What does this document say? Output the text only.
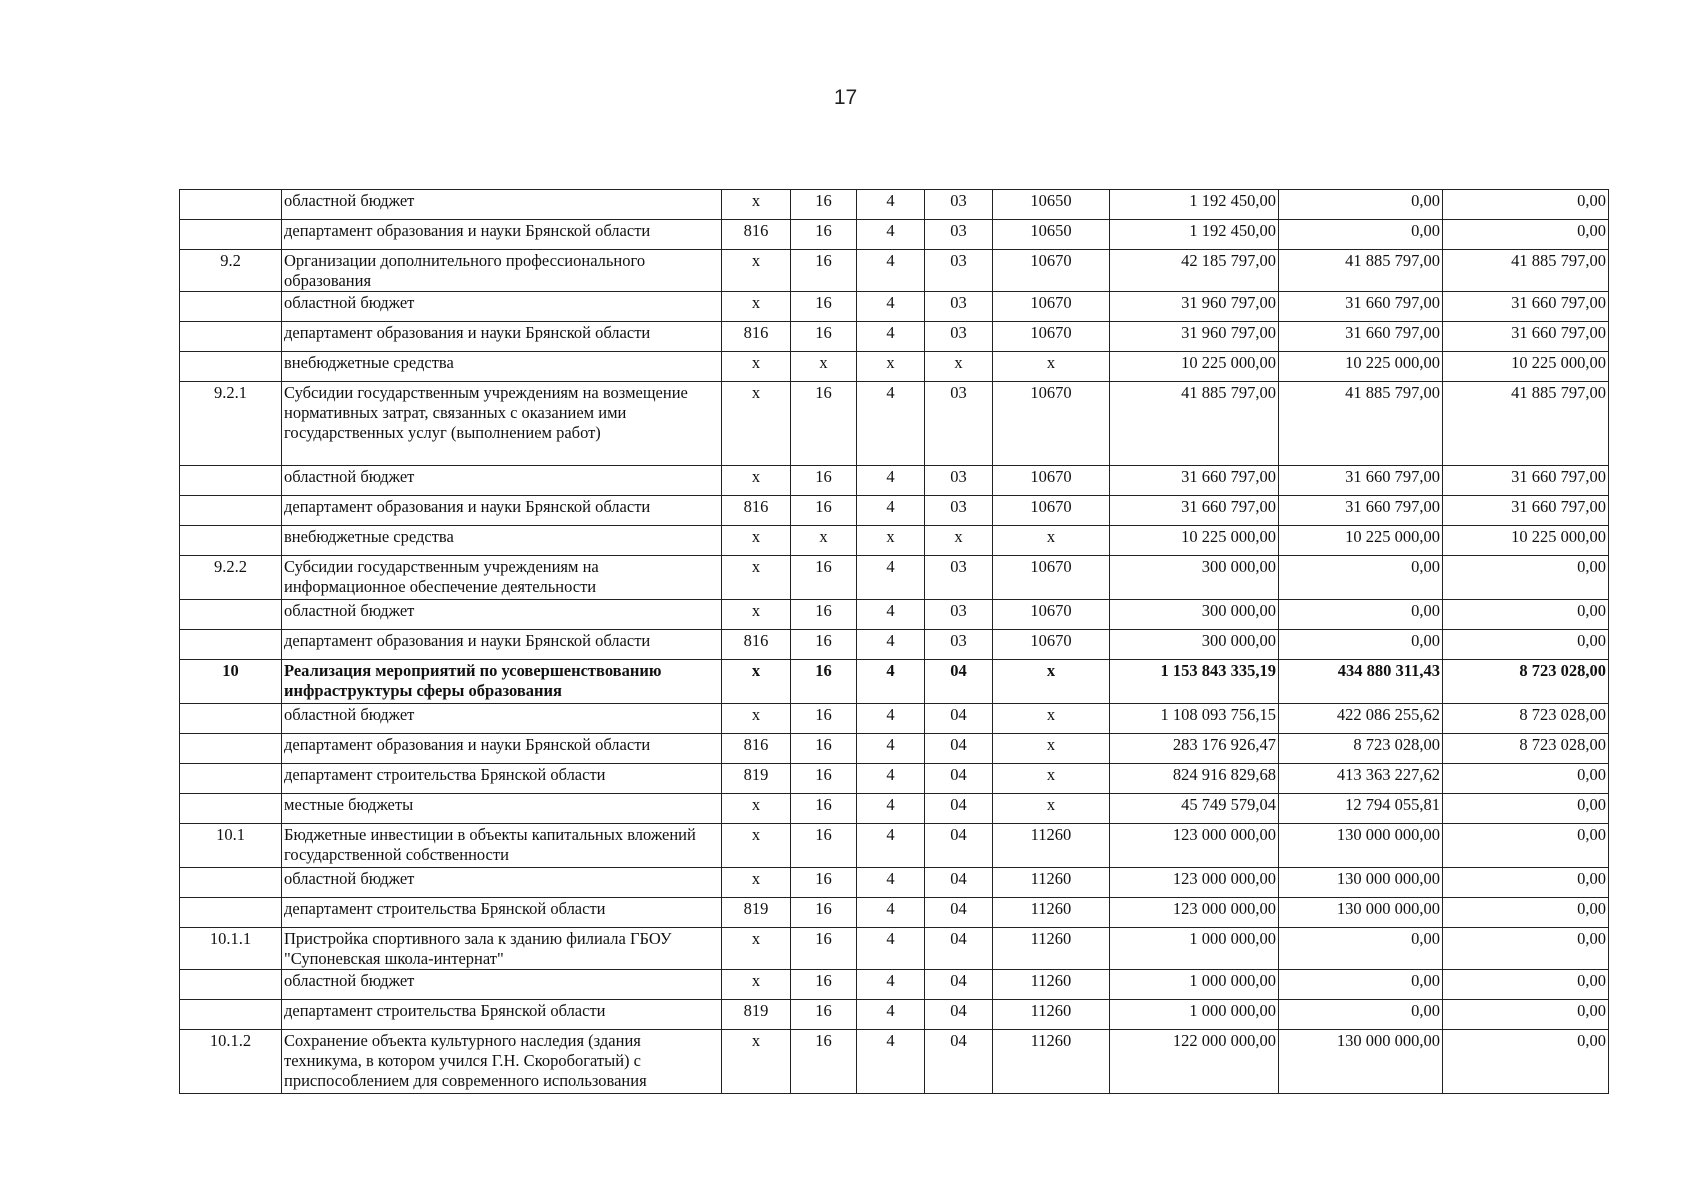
17
	областной бюджет	х	16	4	03	10650	1 192 450,00	0,00	0,00
	департамент образования и науки Брянской области	816	16	4	03	10650	1 192 450,00	0,00	0,00
9.2	Организации дополнительного профессионального образования	х	16	4	03	10670	42 185 797,00	41 885 797,00	41 885 797,00
	областной бюджет	х	16	4	03	10670	31 960 797,00	31 660 797,00	31 660 797,00
	департамент образования и науки Брянской области	816	16	4	03	10670	31 960 797,00	31 660 797,00	31 660 797,00
	внебюджетные средства	х	х	х	х	х	10 225 000,00	10 225 000,00	10 225 000,00
9.2.1	Субсидии государственным учреждениям на возмещение нормативных затрат, связанных с оказанием ими государственных услуг (выполнением работ)	х	16	4	03	10670	41 885 797,00	41 885 797,00	41 885 797,00
	областной бюджет	х	16	4	03	10670	31 660 797,00	31 660 797,00	31 660 797,00
	департамент образования и науки Брянской области	816	16	4	03	10670	31 660 797,00	31 660 797,00	31 660 797,00
	внебюджетные средства	х	х	х	х	х	10 225 000,00	10 225 000,00	10 225 000,00
9.2.2	Субсидии государственным учреждениям на информационное обеспечение деятельности	х	16	4	03	10670	300 000,00	0,00	0,00
	областной бюджет	х	16	4	03	10670	300 000,00	0,00	0,00
	департамент образования и науки Брянской области	816	16	4	03	10670	300 000,00	0,00	0,00
10	Реализация мероприятий по усовершенствованию инфраструктуры сферы образования	х	16	4	04	х	1 153 843 335,19	434 880 311,43	8 723 028,00
	областной бюджет	х	16	4	04	х	1 108 093 756,15	422 086 255,62	8 723 028,00
	департамент образования и науки Брянской области	816	16	4	04	х	283 176 926,47	8 723 028,00	8 723 028,00
	департамент строительства Брянской области	819	16	4	04	х	824 916 829,68	413 363 227,62	0,00
	местные бюджеты	х	16	4	04	х	45 749 579,04	12 794 055,81	0,00
10.1	Бюджетные инвестиции в объекты капитальных вложений государственной собственности	х	16	4	04	11260	123 000 000,00	130 000 000,00	0,00
	областной бюджет	х	16	4	04	11260	123 000 000,00	130 000 000,00	0,00
	департамент строительства Брянской области	819	16	4	04	11260	123 000 000,00	130 000 000,00	0,00
10.1.1	Пристройка спортивного зала к зданию филиала ГБОУ "Супоневская школа-интернат"	х	16	4	04	11260	1 000 000,00	0,00	0,00
	областной бюджет	х	16	4	04	11260	1 000 000,00	0,00	0,00
	департамент строительства Брянской области	819	16	4	04	11260	1 000 000,00	0,00	0,00
10.1.2	Сохранение объекта культурного наследия (здания техникума, в котором учился Г.Н. Скоробогатый) с приспособлением для современного использования	х	16	4	04	11260	122 000 000,00	130 000 000,00	0,00
